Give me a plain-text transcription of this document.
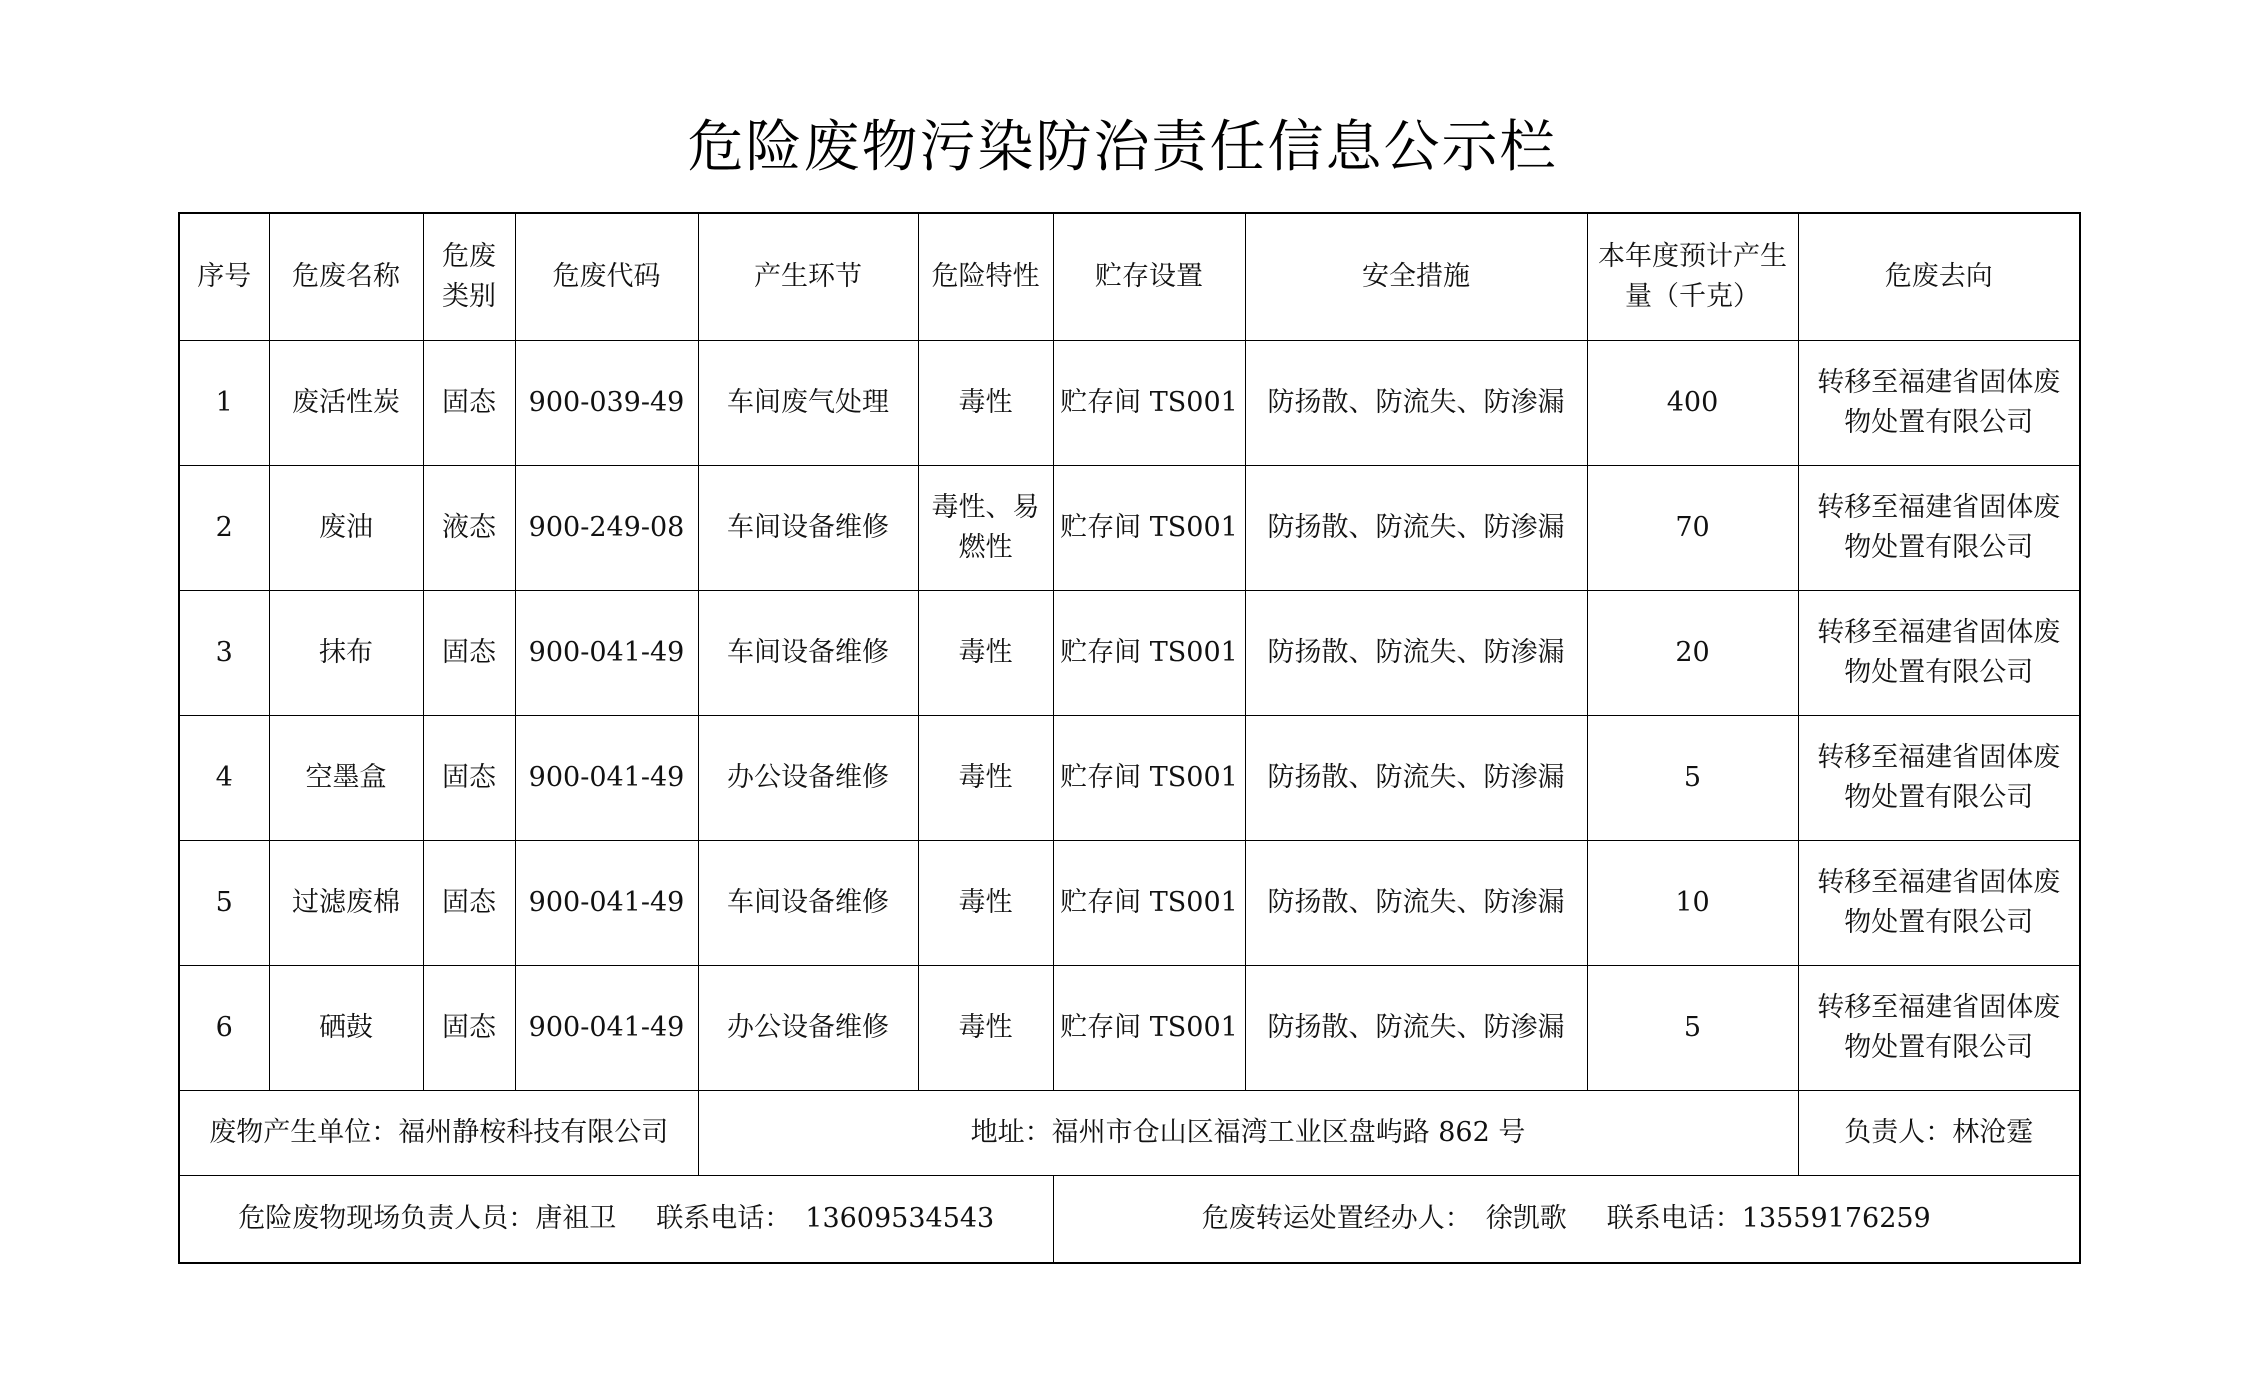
危险废物污染防治责任信息公示栏
序号	危废名称	危废类别	危废代码	产生环节	危险特性	贮存设置	安全措施	本年度预计产生量（千克）	危废去向
1	废活性炭	固态	900-039-49	车间废气处理	毒性	贮存间 TS001	防扬散、防流失、防渗漏	400	转移至福建省固体废物处置有限公司
2	废油	液态	900-249-08	车间设备维修	毒性、易燃性	贮存间 TS001	防扬散、防流失、防渗漏	70	转移至福建省固体废物处置有限公司
3	抹布	固态	900-041-49	车间设备维修	毒性	贮存间 TS001	防扬散、防流失、防渗漏	20	转移至福建省固体废物处置有限公司
4	空墨盒	固态	900-041-49	办公设备维修	毒性	贮存间 TS001	防扬散、防流失、防渗漏	5	转移至福建省固体废物处置有限公司
5	过滤废棉	固态	900-041-49	车间设备维修	毒性	贮存间 TS001	防扬散、防流失、防渗漏	10	转移至福建省固体废物处置有限公司
6	硒鼓	固态	900-041-49	办公设备维修	毒性	贮存间 TS001	防扬散、防流失、防渗漏	5	转移至福建省固体废物处置有限公司
废物产生单位：福州静桉科技有限公司				地址：福州市仓山区福湾工业区盘屿路 862 号					负责人：林沧霆
危险废物现场负责人员：唐祖卫 联系电话： 13609534543						危废转运处置经办人： 徐凯歌 联系电话：13559176259			
